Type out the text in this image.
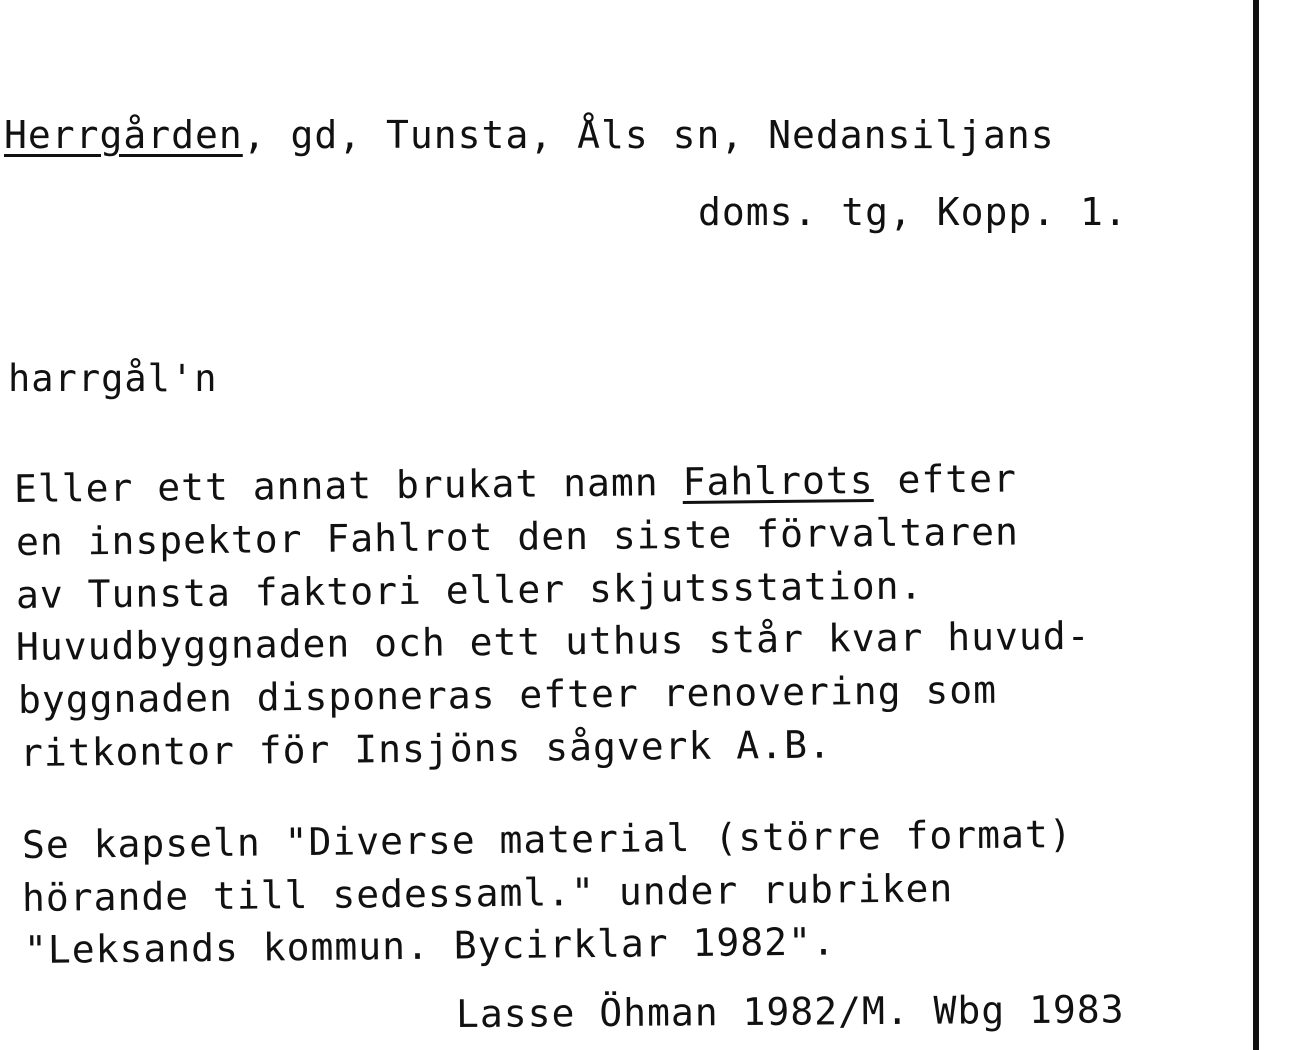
Herrgården, gd, Tunsta, Åls sn, Nedansiljans
doms. tg, Kopp. 1.
harrgål'n
Eller ett annat brukat namn Fahlrots efter
en inspektor Fahlrot den siste förvaltaren
av Tunsta faktori eller skjutsstation.
Huvudbyggnaden och ett uthus står kvar huvud-
byggnaden disponeras efter renovering som
ritkontor för Insjöns sågverk A.B.
Se kapseln "Diverse material (större format)
hörande till sedessaml." under rubriken
"Leksands kommun. Bycirklar 1982".
Lasse Öhman 1982/M. Wbg 1983
